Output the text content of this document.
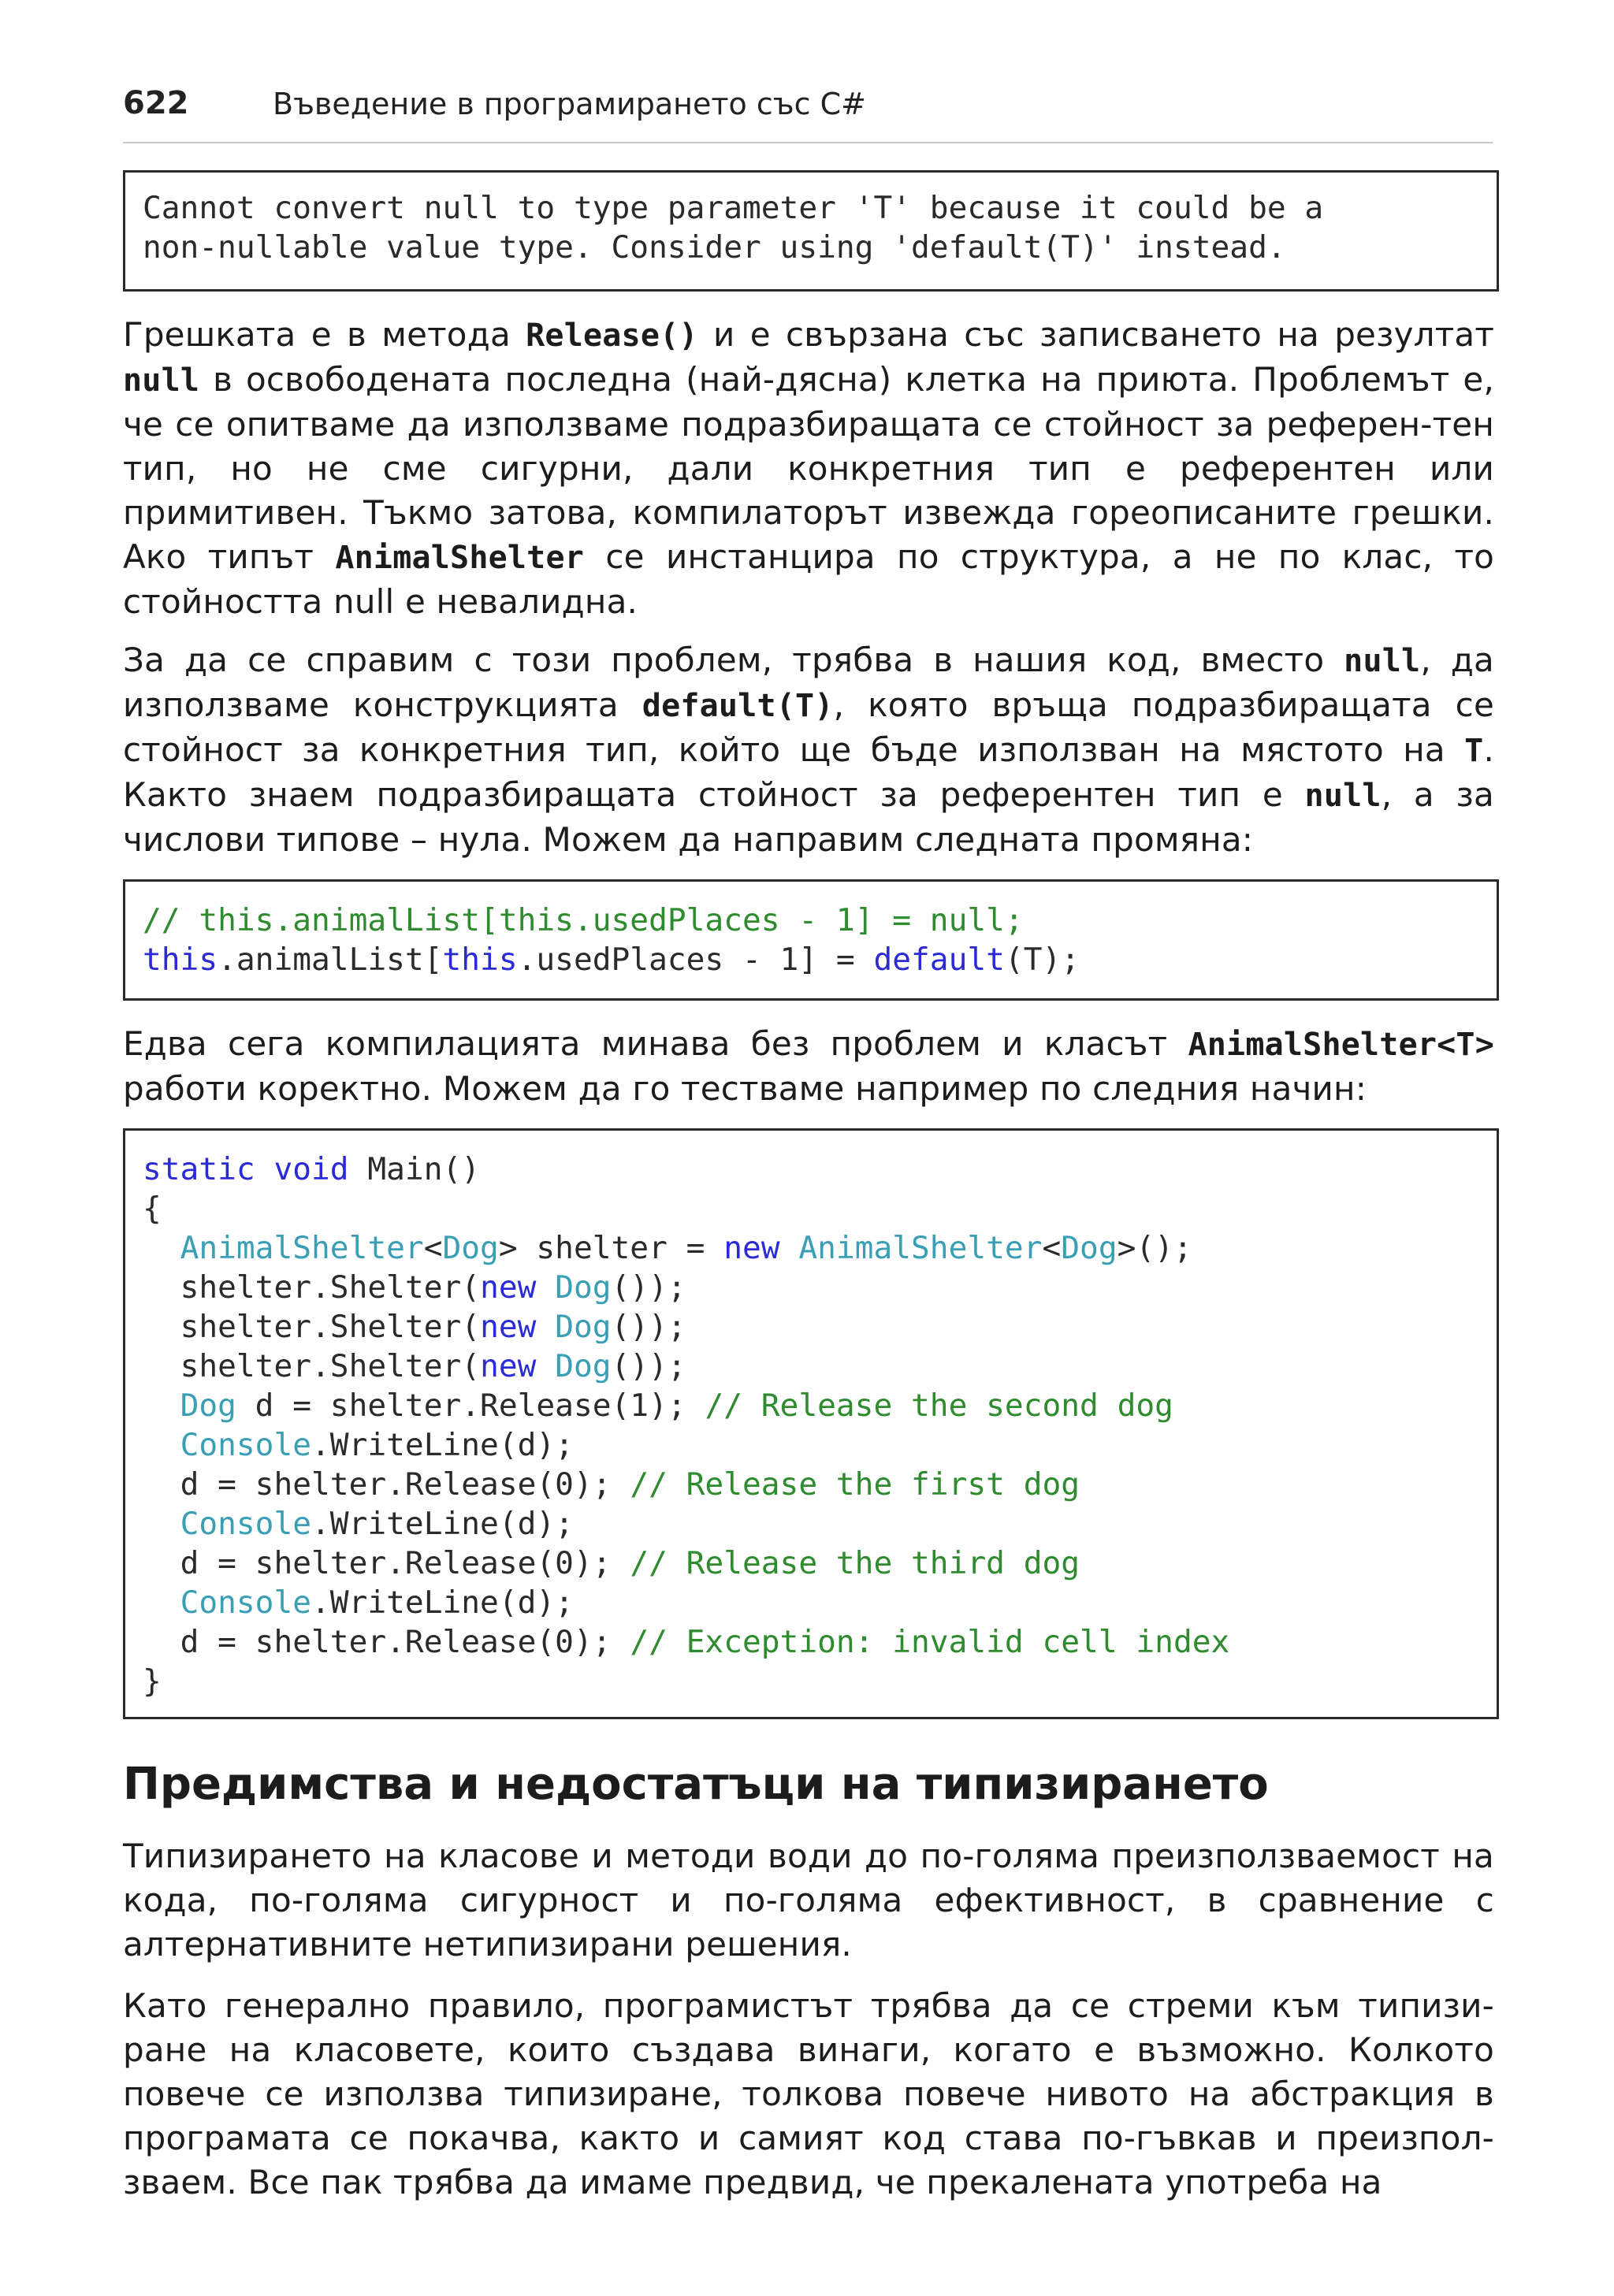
622	Въведение в програмирането със C#
Cannot convert null to type parameter 'T' because it could be a
non-nullable value type. Consider using 'default(T)' instead.

Грешката е в метода Release() и е свързана със записването на резултат null в освободената последна (най-дясна) клетка на приюта. Проблемът е, че се опитваме да използваме подразбиращата се стойност за референ-тен тип, но не сме сигурни, дали конкретния тип е референтен или примитивен. Тъкмо затова, компилаторът извежда гореописаните грешки. Ако типът AnimalShelter се инстанцира по структура, а не по клас, то стойността null е невалидна.

За да се справим с този проблем, трябва в нашия код, вместо null, да използваме конструкцията default(T), която връща подразбиращата се стойност за конкретния тип, който ще бъде използван на мястото на T. Както знаем подразбиращата стойност за референтен тип е null, а за числови типове – нула. Можем да направим следната промяна:

// this.animalList[this.usedPlaces - 1] = null;
this.animalList[this.usedPlaces - 1] = default(T);

Едва сега компилацията минава без проблем и класът AnimalShelter<T> работи коректно. Можем да го тестваме например по следния начин:

static void Main()
{
AnimalShelter<Dog> shelter = new AnimalShelter<Dog>();
shelter.Shelter(new Dog());
shelter.Shelter(new Dog());
shelter.Shelter(new Dog());
Dog d = shelter.Release(1); // Release the second dog
Console.WriteLine(d);
d = shelter.Release(0); // Release the first dog
Console.WriteLine(d);
d = shelter.Release(0); // Release the third dog
Console.WriteLine(d);
d = shelter.Release(0); // Exception: invalid cell index
}
Предимства и недостатъци на типизирането

Типизирането на класове и методи води до по-голяма преизползваемост на кода, по-голяма сигурност и по-голяма ефективност, в сравнение с алтернативните нетипизирани решения.

Като генерално правило, програмистът трябва да се стреми към типизи-ране на класовете, които създава винаги, когато е възможно. Колкото повече се използва типизиране, толкова повече нивото на абстракция в програмата се покачва, както и самият код става по-гъвкав и преизпол-зваем. Все пак трябва да имаме предвид, че прекалената употреба на
